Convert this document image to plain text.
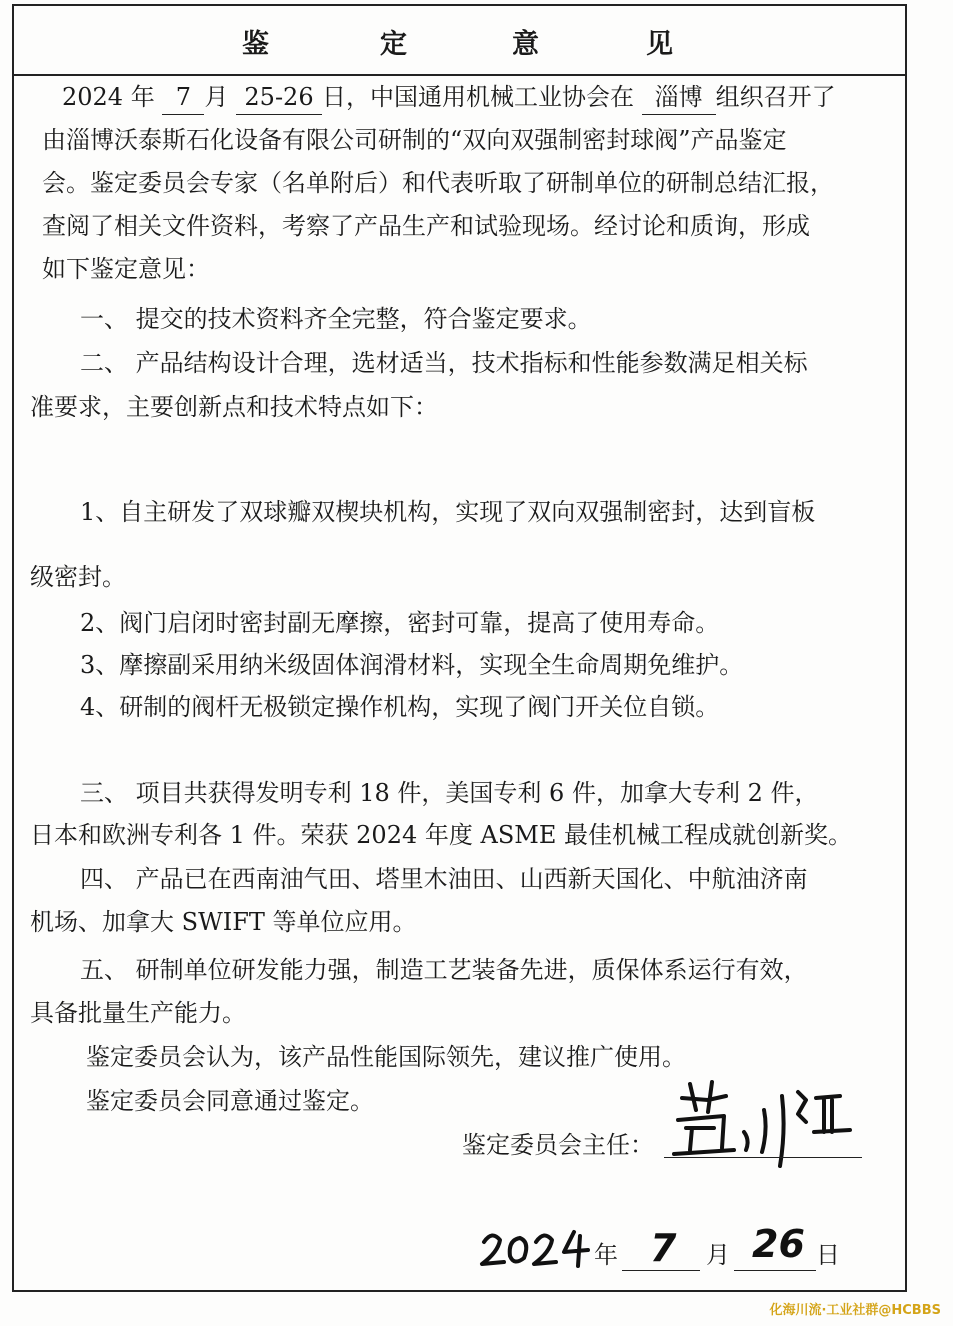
鉴	定	意	见
2024 年 7 月 25-26 日，中国通用机械工业协会在 淄博 组织召开了
由淄博沃泰斯石化设备有限公司研制的“双向双强制密封球阀”产品鉴定
会。鉴定委员会专家（名单附后）和代表听取了研制单位的研制总结汇报，
查阅了相关文件资料，考察了产品生产和试验现场。经讨论和质询，形成
如下鉴定意见：
一、 提交的技术资料齐全完整，符合鉴定要求。
二、 产品结构设计合理，选材适当，技术指标和性能参数满足相关标
准要求，主要创新点和技术特点如下：
1、自主研发了双球瓣双楔块机构，实现了双向双强制密封，达到盲板
级密封。
2、阀门启闭时密封副无摩擦，密封可靠，提高了使用寿命。
3、摩擦副采用纳米级固体润滑材料，实现全生命周期免维护。
4、研制的阀杆无极锁定操作机构，实现了阀门开关位自锁。
三、 项目共获得发明专利 18 件，美国专利 6 件，加拿大专利 2 件，
日本和欧洲专利各 1 件。荣获 2024 年度 ASME 最佳机械工程成就创新奖。
四、 产品已在西南油气田、塔里木油田、山西新天国化、中航油济南
机场、加拿大 SWIFT 等单位应用。
五、 研制单位研发能力强，制造工艺装备先进，质保体系运行有效，
具备批量生产能力。
鉴定委员会认为，该产品性能国际领先，建议推广使用。
鉴定委员会同意通过鉴定。
鉴定委员会主任：
年 7 月 26 日
化海川流·工业社群@HCBBS
